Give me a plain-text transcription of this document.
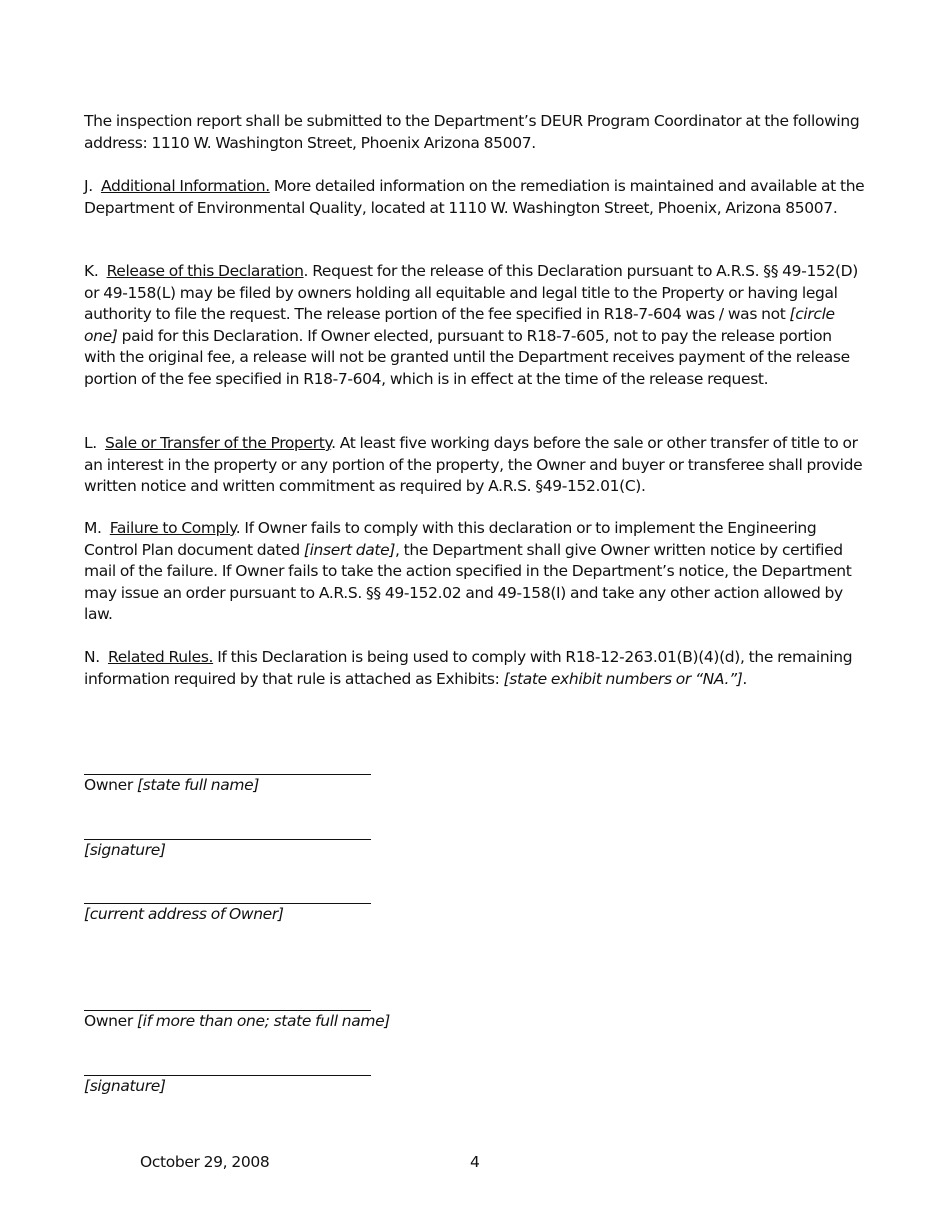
The inspection report shall be submitted to the Department’s DEUR Program Coordinator at the following address: 1110 W. Washington Street, Phoenix Arizona 85007.

J. Additional Information. More detailed information on the remediation is maintained and available at the Department of Environmental Quality, located at 1110 W. Washington Street, Phoenix, Arizona 85007.

K. Release of this Declaration. Request for the release of this Declaration pursuant to A.R.S. §§ 49-152(D) or 49-158(L) may be filed by owners holding all equitable and legal title to the Property or having legal authority to file the request. The release portion of the fee specified in R18-7-604 was / was not [circle one] paid for this Declaration. If Owner elected, pursuant to R18-7-605, not to pay the release portion with the original fee, a release will not be granted until the Department receives payment of the release portion of the fee specified in R18-7-604, which is in effect at the time of the release request.

L. Sale or Transfer of the Property. At least five working days before the sale or other transfer of title to or an interest in the property or any portion of the property, the Owner and buyer or transferee shall provide written notice and written commitment as required by A.R.S. §49-152.01(C).

M. Failure to Comply. If Owner fails to comply with this declaration or to implement the Engineering Control Plan document dated [insert date], the Department shall give Owner written notice by certified mail of the failure. If Owner fails to take the action specified in the Department’s notice, the Department may issue an order pursuant to A.R.S. §§ 49-152.02 and 49-158(I) and take any other action allowed by law.

N. Related Rules. If this Declaration is being used to comply with R18-12-263.01(B)(4)(d), the remaining information required by that rule is attached as Exhibits: [state exhibit numbers or “NA.”].

Owner [state full name]
[signature]
[current address of Owner]
Owner [if more than one; state full name]
[signature]
October 29, 2008	4
